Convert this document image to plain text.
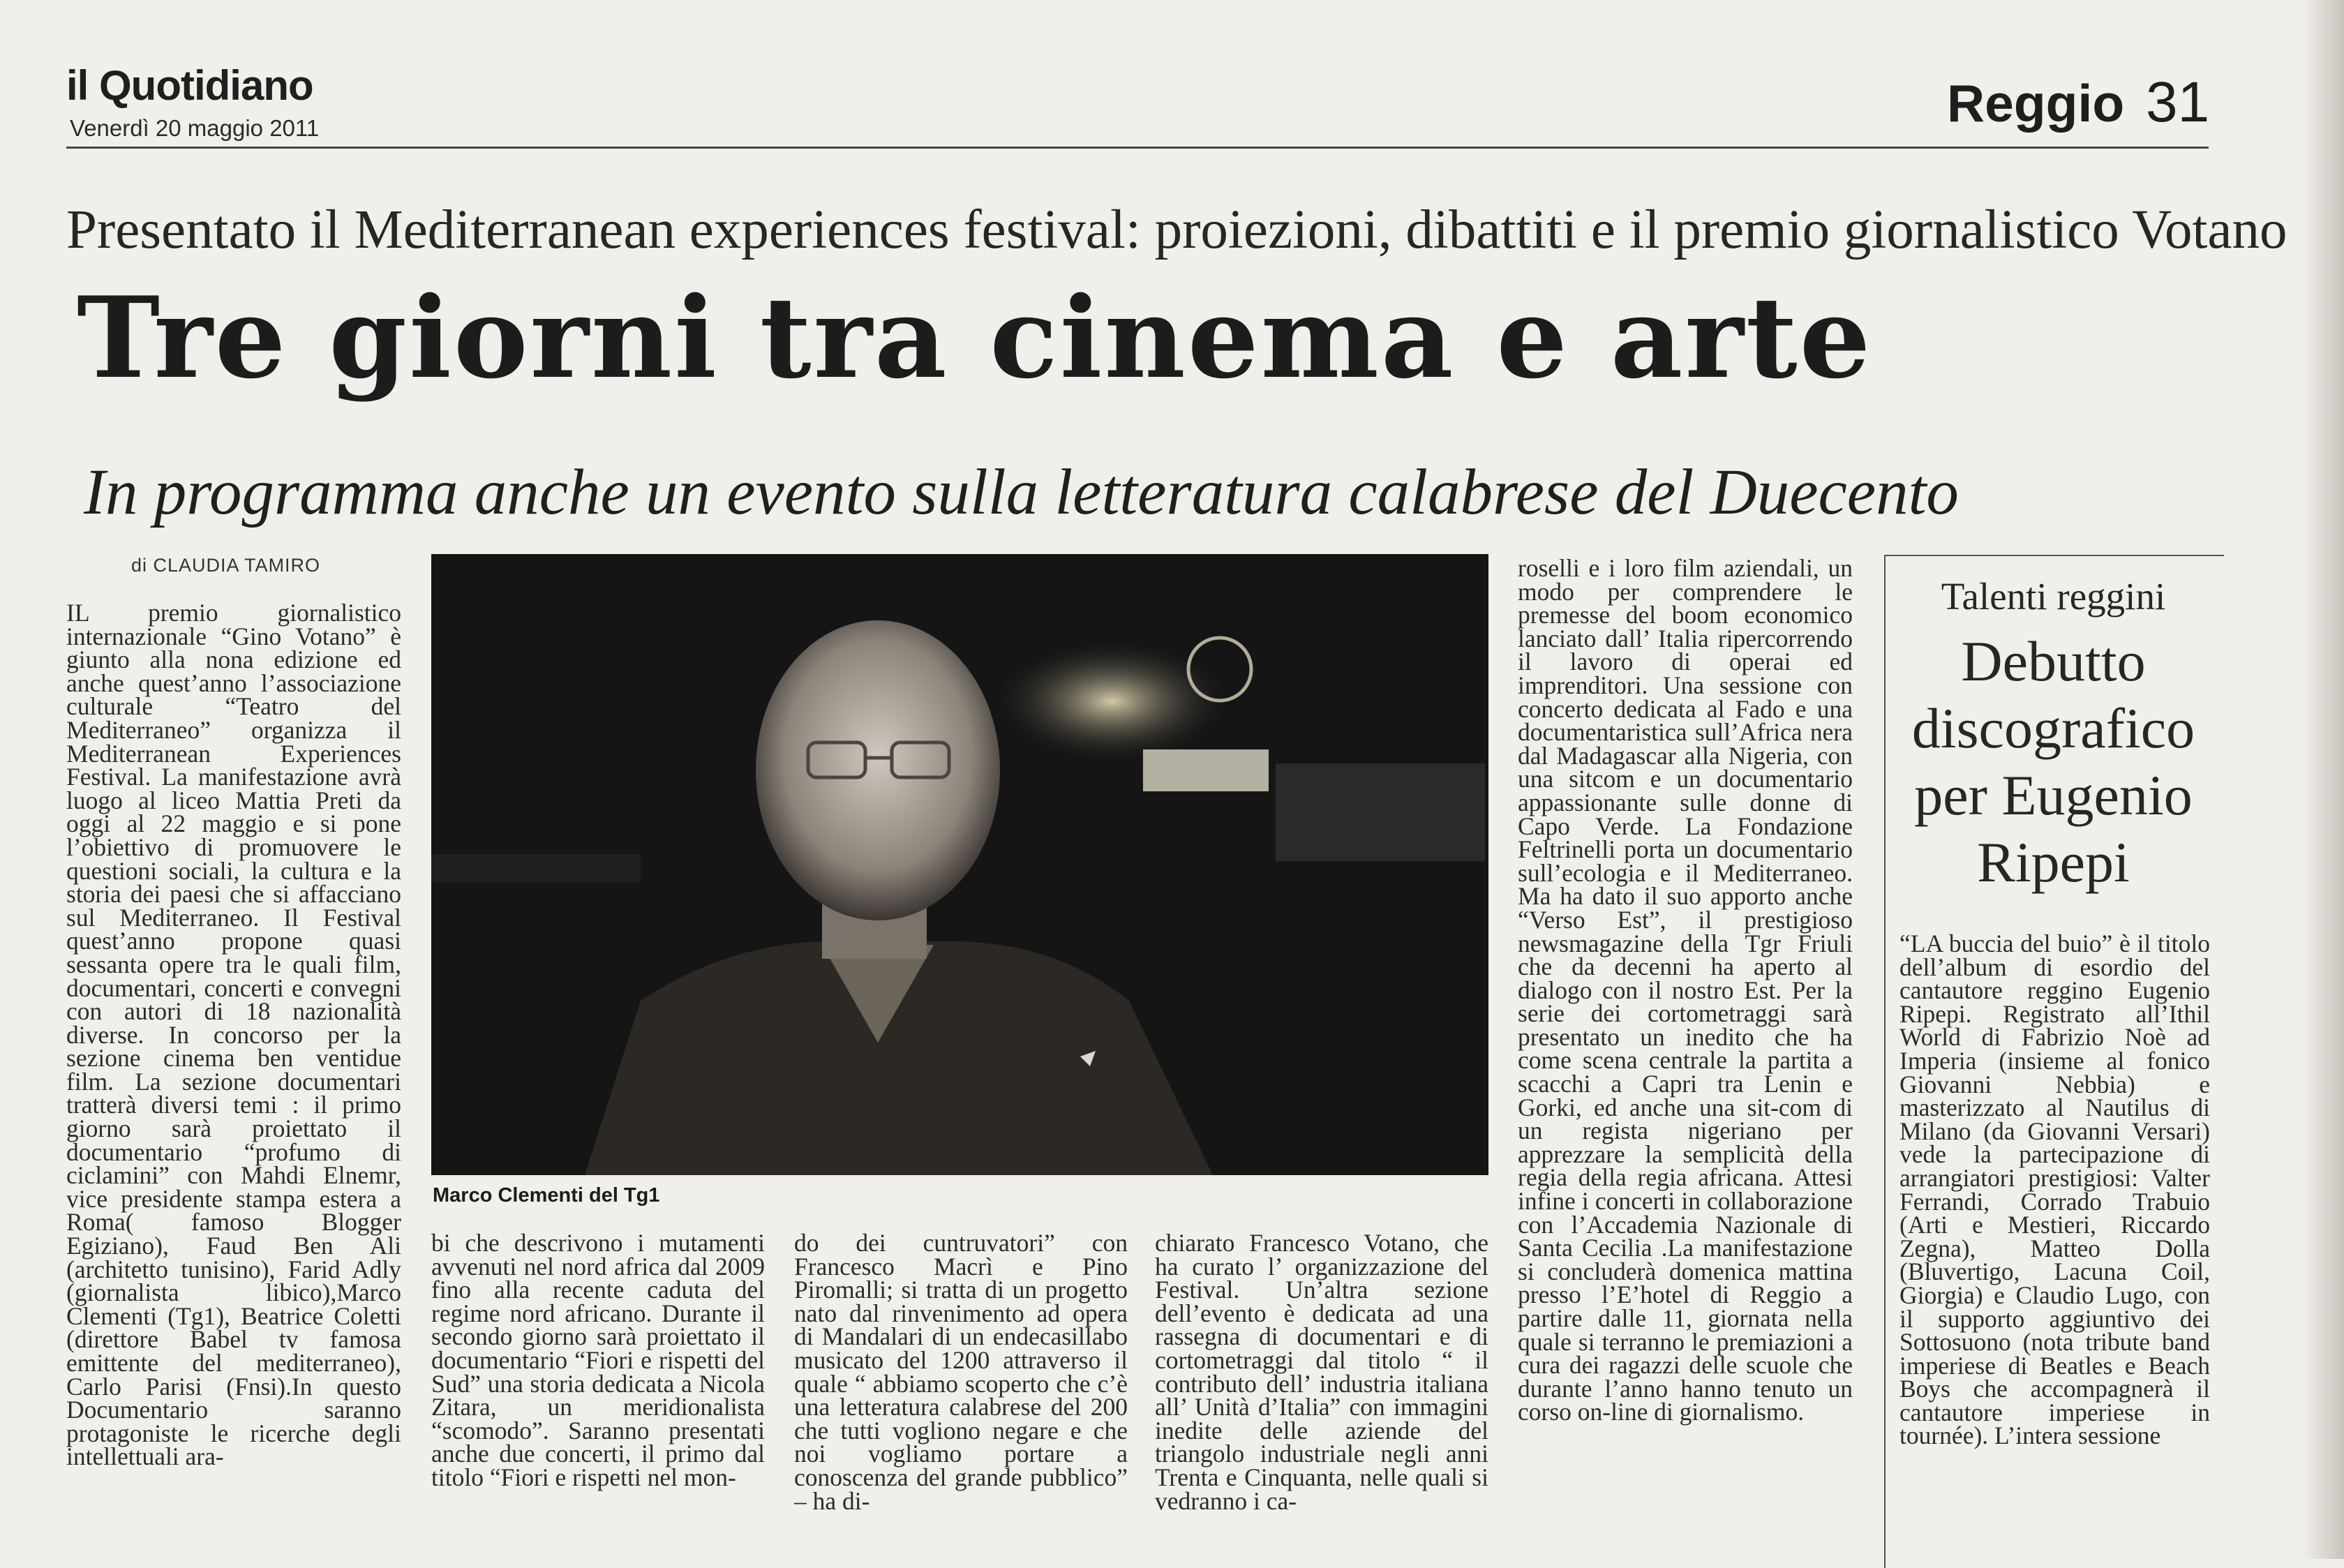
il Quotidiano
Venerdì 20 maggio 2011	Reggio 31
Presentato il Mediterranean experiences festival: proiezioni, dibattiti e il premio giornalistico Votano
Tre giorni tra cinema e arte
In programma anche un evento sulla letteratura calabrese del Duecento
di CLAUDIA TAMIRO
Marco Clementi del Tg1
IL premio giornalistico internazionale “Gino Votano” è giunto alla nona edizione ed anche quest’anno l’associazione culturale “Teatro del Mediterraneo” organizza il Mediterranean Experiences Festival. La manifestazione avrà luogo al liceo Mattia Preti da oggi al 22 maggio e si pone l’obiettivo di promuovere le questioni sociali, la cultura e la storia dei paesi che si affacciano sul Mediterraneo. Il Festival quest’anno propone quasi sessanta opere tra le quali film, documentari, concerti e convegni con autori di 18 nazionalità diverse. In concorso per la sezione cinema ben ventidue film. La sezione documentari tratterà diversi temi : il primo giorno sarà proiettato il documentario “profumo di ciclamini” con Mahdi Elnemr, vice presidente stampa estera a Roma( famoso Blogger Egiziano), Faud Ben Ali (architetto tunisino), Farid Adly (giornalista libico),Marco Clementi (Tg1), Beatrice Coletti (direttore Babel tv famosa emittente del mediterraneo), Carlo Parisi (Fnsi).In questo Documentario saranno protagoniste le ricerche degli intellettuali ara-
bi che descrivono i mutamenti avvenuti nel nord africa dal 2009 fino alla recente caduta del regime nord africano. Durante il secondo giorno sarà proiettato il documentario “Fiori e rispetti del Sud” una storia dedicata a Nicola Zitara, un meridionalista “scomodo”. Saranno presentati anche due concerti, il primo dal titolo “Fiori e rispetti nel mon-
do dei cuntruvatori” con Francesco Macrì e Pino Piromalli; si tratta di un progetto nato dal rinvenimento ad opera di Mandalari di un endecasillabo musicato del 1200 attraverso il quale “ abbiamo scoperto che c’è una letteratura calabrese del 200 che tutti vogliono negare e che noi vogliamo portare a conoscenza del grande pubblico” – ha di-
chiarato Francesco Votano, che ha curato l’ organizzazione del Festival. Un’altra sezione dell’evento è dedicata ad una rassegna di documentari e di cortometraggi dal titolo “ il contributo dell’ industria italiana all’ Unità d’Italia” con immagini inedite delle aziende del triangolo industriale negli anni Trenta e Cinquanta, nelle quali si vedranno i ca-
roselli e i loro film aziendali, un modo per comprendere le premesse del boom economico lanciato dall’ Italia ripercorrendo il lavoro di operai ed imprenditori. Una sessione con concerto dedicata al Fado e una documentaristica sull’Africa nera dal Madagascar alla Nigeria, con una sitcom e un documentario appassionante sulle donne di Capo Verde. La Fondazione Feltrinelli porta un documentario sull’ecologia e il Mediterraneo. Ma ha dato il suo apporto anche “Verso Est”, il prestigioso newsmagazine della Tgr Friuli che da decenni ha aperto al dialogo con il nostro Est. Per la serie dei cortometraggi sarà presentato un inedito che ha come scena centrale la partita a scacchi a Capri tra Lenin e Gorki, ed anche una sit-com di un regista nigeriano per apprezzare la semplicità della regia della regia africana. Attesi infine i concerti in collaborazione con l’Accademia Nazionale di Santa Cecilia .La manifestazione si concluderà domenica mattina presso l’E’hotel di Reggio a partire dalle 11, giornata nella quale si terranno le premiazioni a cura dei ragazzi delle scuole che durante l’anno hanno tenuto un corso on-line di giornalismo.
Talenti reggini
Debutto discografico per Eugenio Ripepi
“LA buccia del buio” è il titolo dell’album di esordio del cantautore reggino Eugenio Ripepi. Registrato all’Ithil World di Fabrizio Noè ad Imperia (insieme al fonico Giovanni Nebbia) e masterizzato al Nautilus di Milano (da Giovanni Versari) vede la partecipazione di arrangiatori prestigiosi: Valter Ferrandi, Corrado Trabuio (Arti e Mestieri, Riccardo Zegna), Matteo Dolla (Bluvertigo, Lacuna Coil, Giorgia) e Claudio Lugo, con il supporto aggiuntivo dei Sottosuono (nota tribute band imperiese di Beatles e Beach Boys che accompagnerà il cantautore imperiese in tournée). L’intera sessione
